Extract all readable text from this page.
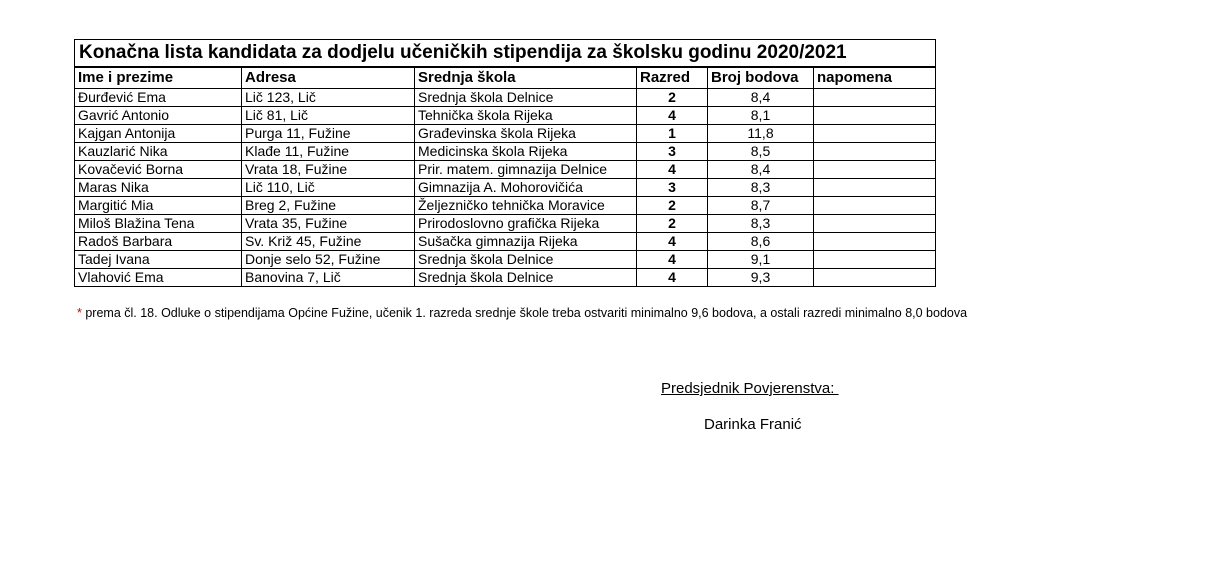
Konačna lista kandidata za dodjelu učeničkih stipendija za školsku godinu 2020/2021					
Ime i prezime	Adresa	Srednja škola	Razred	Broj bodova	napomena
Đurđević Ema	Lič 123, Lič	Srednja škola Delnice	2	8,4	
Gavrić Antonio	Lič 81, Lič	Tehnička škola Rijeka	4	8,1	
Kajgan Antonija	Purga 11, Fužine	Građevinska škola Rijeka	1	11,8	
Kauzlarić Nika	Klađe 11, Fužine	Medicinska škola Rijeka	3	8,5	
Kovačević Borna	Vrata 18, Fužine	Prir. matem. gimnazija Delnice	4	8,4	
Maras Nika	Lič 110, Lič	Gimnazija A. Mohorovičića	3	8,3	
Margitić Mia	Breg 2, Fužine	Željezničko tehnička Moravice	2	8,7	
Miloš Blažina Tena	Vrata 35, Fužine	Prirodoslovno grafička Rijeka	2	8,3	
Radoš Barbara	Sv. Križ 45, Fužine	Sušačka gimnazija Rijeka	4	8,6	
Tadej Ivana	Donje selo 52, Fužine	Srednja škola Delnice	4	9,1	
Vlahović Ema	Banovina 7, Lič	Srednja škola Delnice	4	9,3	
* prema čl. 18. Odluke o stipendijama Općine Fužine, učenik 1. razreda srednje škole treba ostvariti minimalno 9,6 bodova, a ostali razredi minimalno 8,0 bodova
Predsjednik Povjerenstva:
Darinka Franić
